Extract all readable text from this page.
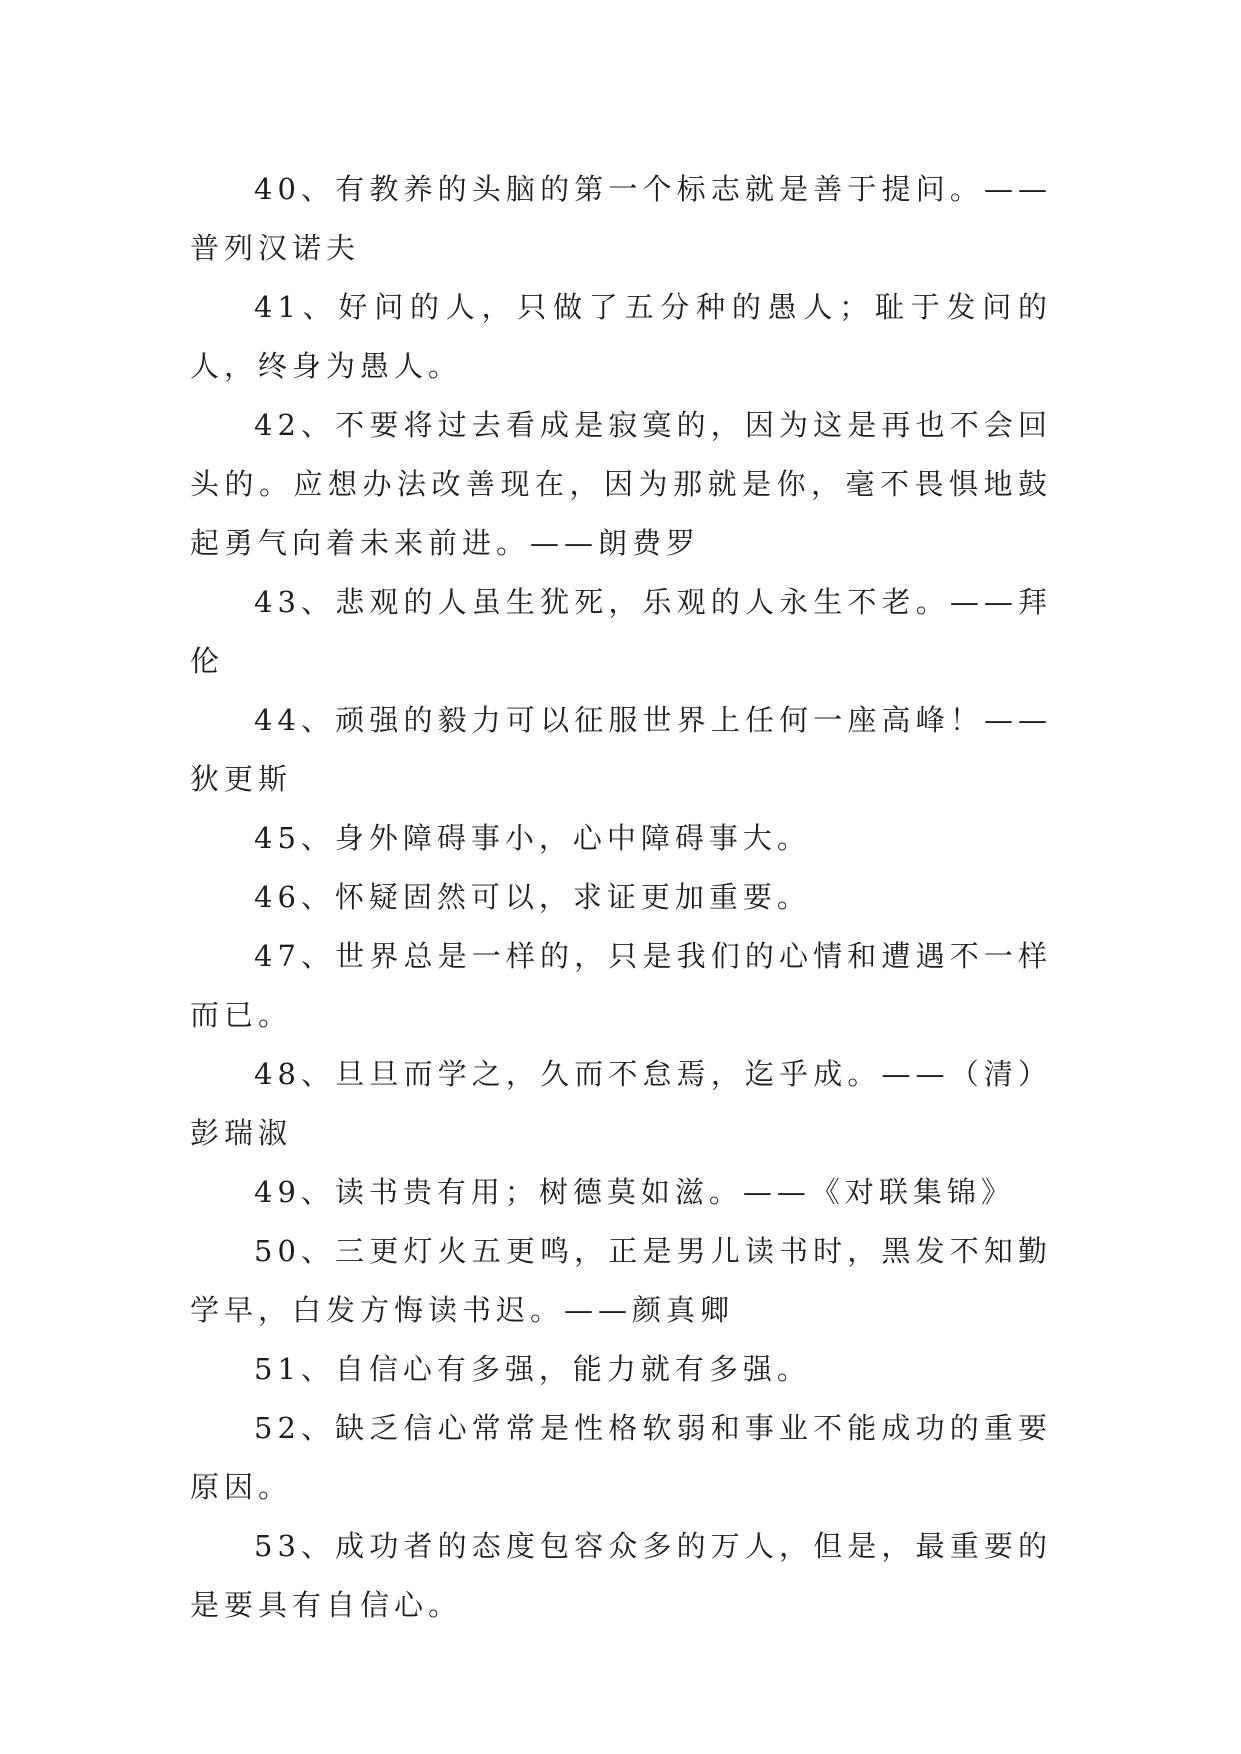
40、有教养的头脑的第一个标志就是善于提问。——普列汉诺夫

41、好问的人，只做了五分种的愚人；耻于发问的人，终身为愚人。

42、不要将过去看成是寂寞的，因为这是再也不会回头的。应想办法改善现在，因为那就是你，毫不畏惧地鼓起勇气向着未来前进。——朗费罗

43、悲观的人虽生犹死，乐观的人永生不老。——拜伦

44、顽强的毅力可以征服世界上任何一座高峰！——狄更斯

45、身外障碍事小，心中障碍事大。

46、怀疑固然可以，求证更加重要。

47、世界总是一样的，只是我们的心情和遭遇不一样而已。

48、旦旦而学之，久而不怠焉，迄乎成。——（清）彭瑞淑

49、读书贵有用；树德莫如滋。——《对联集锦》

50、三更灯火五更鸣，正是男儿读书时，黑发不知勤学早，白发方悔读书迟。——颜真卿

51、自信心有多强，能力就有多强。

52、缺乏信心常常是性格软弱和事业不能成功的重要原因。

53、成功者的态度包容众多的万人，但是，最重要的是要具有自信心。
